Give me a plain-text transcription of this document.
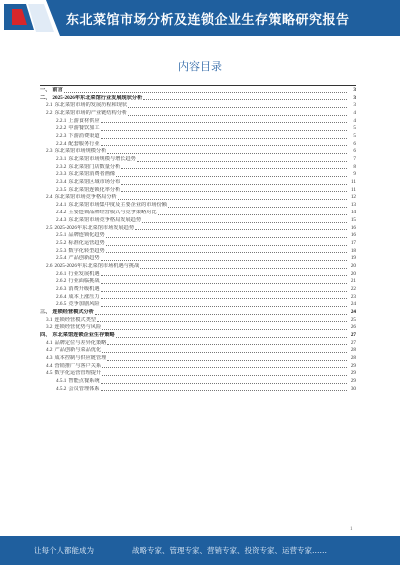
东北菜馆市场分析及连锁企业生存策略研究报告
内容目录
一、 前言	3
二、 2025-2026年东北菜馆行业发展现状分析	3
2.1 东北菜馆市场的发展历程和现状	3
2.2 东北菜馆市场的产业链结构分析	4
2.2.1 上游食材供应	4
2.2.2 中游餐饮加工	5
2.2.3 下游消费渠道	5
2.2.4 配套服务行业	6
2.3 东北菜馆市场规模分析	6
2.3.1 东北菜馆市场规模与增长趋势	7
2.3.2 东北菜馆门店数量分析	8
2.3.3 东北菜馆消费者画像	9
2.3.4 东北菜馆区域市场分布	11
2.3.5 东北菜馆连锁化率分析	11
2.4 东北菜馆市场竞争格局分析	12
2.4.1 东北菜馆市场集中度及主要企业的市场份额	13
2.4.2 主要连锁品牌经营模式与竞争策略对比	14
2.4.3 东北菜馆市场竞争格局发展趋势	15
2.5 2025-2026年东北菜馆市场发展趋势	16
2.5.1 品牌连锁化趋势	16
2.5.2 标准化运营趋势	17
2.5.3 数字化转型趋势	18
2.5.4 产品创新趋势	19
2.6 2025-2026年东北菜馆市场机遇与挑战	20
2.6.1 行业发展机遇	20
2.6.2 行业面临挑战	21
2.6.3 消费升级机遇	22
2.6.4 成本上涨压力	23
2.6.5 竞争加剧风险	24
三、 连锁经营模式分析	24
3.1 连锁经营模式类型	25
3.2 连锁经营优势与风险	26
四、 东北菜馆连锁企业生存策略	27
4.1 品牌定位与差异化策略	27
4.2 产品创新与菜品优化	28
4.3 成本控制与供应链管理	28
4.4 营销推广与客户关系	29
4.5 数字化运营管理提升	29
4.5.1 智能点餐系统	29
4.5.2 会员管理体系	30
1
让每个人都能成为	战略专家、管理专家、营销专家、投资专家、运营专家……
